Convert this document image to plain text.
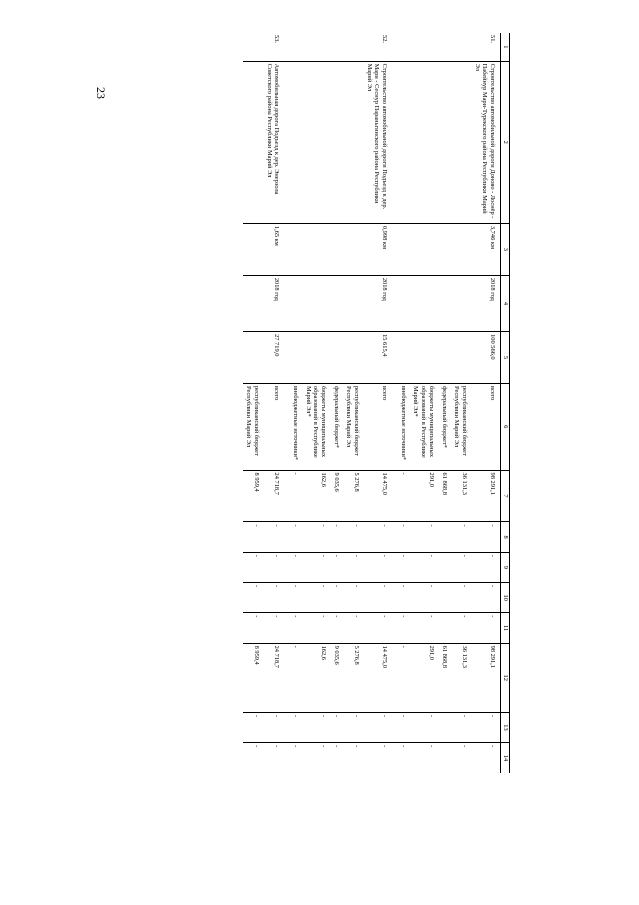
23
1	2	3	4	5	6	7	8	9	10	11	12	13	14
51.	Строительство автомобильной дороги Доново - Лоснёр - Пабейнур Мари-Турекского района Республики Марий Эл	3,746 км	2018 год	100 566,0	всего	98 291,1	-	-	-	-	98 291,1	-	-
					республиканский бюджет Республики Марий Эл	36 131,3	-	-	-	-	36 131,3	-	-
					федеральный бюджет*	61 868,8					61 868,8		
					бюджеты муниципальных образований в Республике Марий Эл*	291,0	-	-	-	-	291,0	-	-
					внебюджетные источники*	-	-	-	-	-	-	-	-

52.	Строительство автомобильной дороги Подъезд к дер. Мари - Сеснур Параньгинского района Республики Марий Эл	0,998 км	2018 год	15 615,4	всего	14 475,0	-	-	-	-	14 475,0	-	-
					республиканский бюджет Республики Марий Эл	5 276,8	-	-	-	-	5 276,8	-	-
					федеральный бюджет*	9 035,6	-	-	-	-	9 035,6	-	-
					бюджеты муниципальных образований в Республике Марий Эл*	162,6	-	-	-	-	162,6	-	-
					внебюджетные источники*	-	-	-	-	-	-	-	-

53.	Автомобильная дорога Подъезд к дер. Энерзола Советского района Республики Марий Эл	1,65 км	2018 год	27 719,0	всего	24 718,7	-	-	-	-	24 718,7	-	-
					республиканский бюджет Республики Марий Эл	8 959,4	-	-	-	-	8 959,4	-	-
